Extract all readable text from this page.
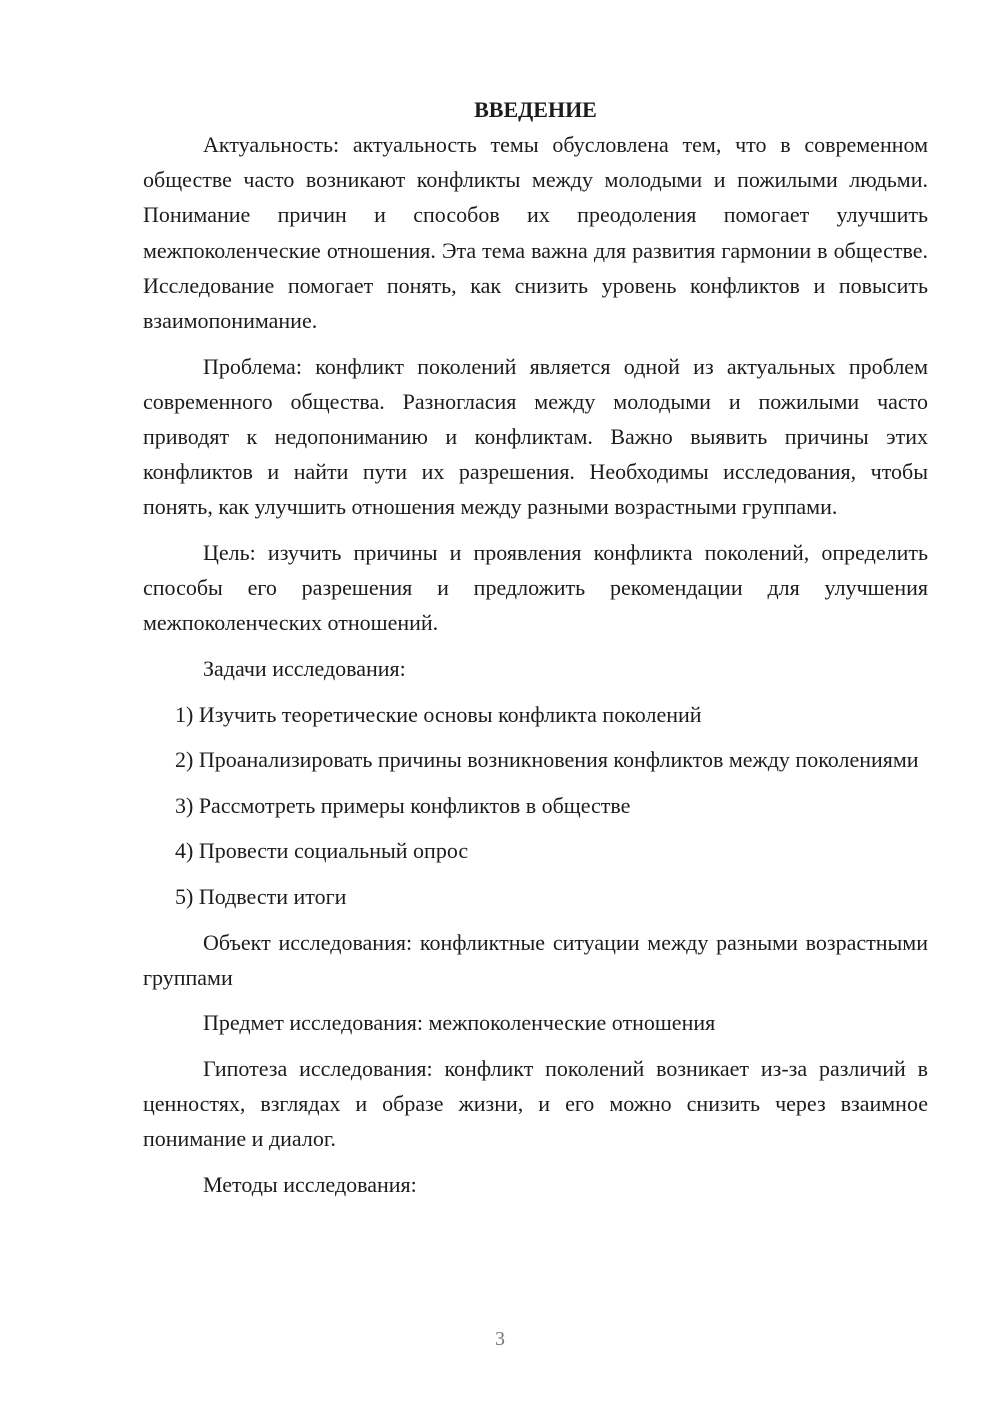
ВВЕДЕНИЕ

Актуальность: актуальность темы обусловлена тем, что в современном обществе часто возникают конфликты между молодыми и пожилыми людьми. Понимание причин и способов их преодоления помогает улучшить межпоколенческие отношения. Эта тема важна для развития гармонии в обществе. Исследование помогает понять, как снизить уровень конфликтов и повысить взаимопонимание.

Проблема: конфликт поколений является одной из актуальных проблем современного общества. Разногласия между молодыми и пожилыми часто приводят к недопониманию и конфликтам. Важно выявить причины этих конфликтов и найти пути их разрешения. Необходимы исследования, чтобы понять, как улучшить отношения между разными возрастными группами.

Цель: изучить причины и проявления конфликта поколений, определить способы его разрешения и предложить рекомендации для улучшения межпоколенческих отношений.

Задачи исследования:

1) Изучить теоретические основы конфликта поколений

2) Проанализировать причины возникновения конфликтов между поколениями

3) Рассмотреть примеры конфликтов в обществе

4) Провести социальный опрос

5) Подвести итоги

Объект исследования: конфликтные ситуации между разными возрастными группами

Предмет исследования: межпоколенческие отношения

Гипотеза исследования: конфликт поколений возникает из-за различий в ценностях, взглядах и образе жизни, и его можно снизить через взаимное понимание и диалог.

Методы исследования:

3
